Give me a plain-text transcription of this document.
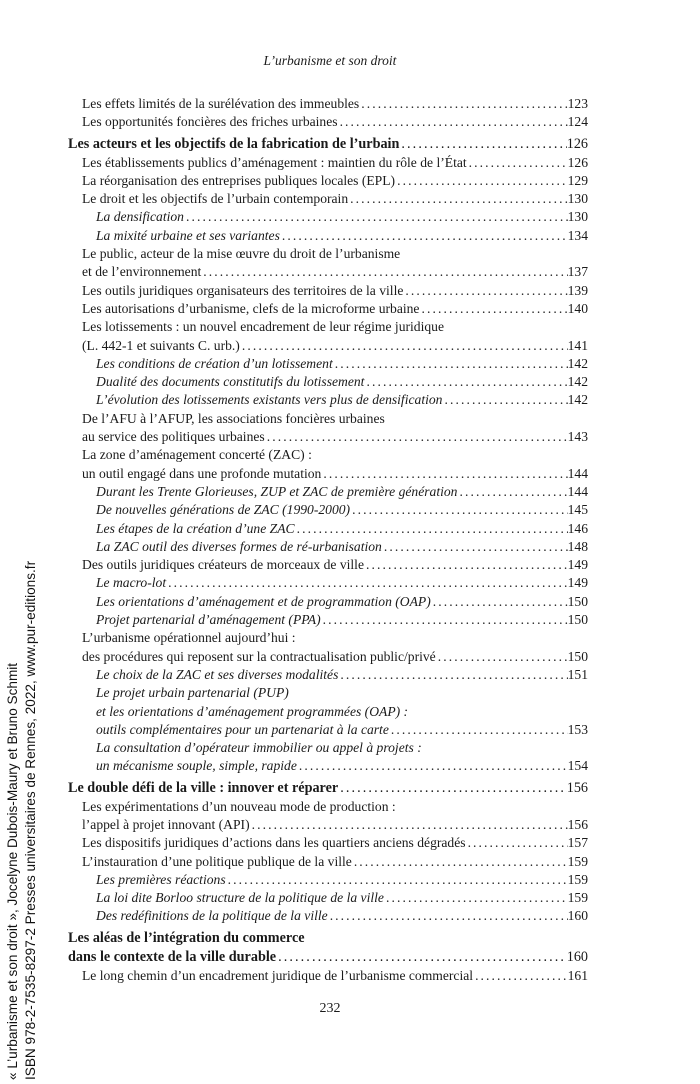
L’urbanisme et son droit
Les effets limités de la surélévation des immeubles .....	123
Les opportunités foncières des friches urbaines .....	124
Les acteurs et les objectifs de la fabrication de l’urbain .....	126
Les établissements publics d’aménagement : maintien du rôle de l’État .....	126
La réorganisation des entreprises publiques locales (EPL) .....	129
Le droit et les objectifs de l’urbain contemporain .....	130
La densification .....	130
La mixité urbaine et ses variantes .....	134
Le public, acteur de la mise œuvre du droit de l’urbanisme
et de l’environnement .....	137
Les outils juridiques organisateurs des territoires de la ville .....	139
Les autorisations d’urbanisme, clefs de la microforme urbaine .....	140
Les lotissements : un nouvel encadrement de leur régime juridique
(L. 442-1 et suivants C. urb.) .....	141
Les conditions de création d’un lotissement .....	142
Dualité des documents constitutifs du lotissement .....	142
L’évolution des lotissements existants vers plus de densification .....	142
De l’AFU à l’AFUP, les associations foncières urbaines
au service des politiques urbaines .....	143
La zone d’aménagement concerté (ZAC) :
un outil engagé dans une profonde mutation .....	144
Durant les Trente Glorieuses, ZUP et ZAC de première génération .....	144
De nouvelles générations de ZAC (1990-2000) .....	145
Les étapes de la création d’une ZAC .....	146
La ZAC outil des diverses formes de ré-urbanisation .....	148
Des outils juridiques créateurs de morceaux de ville .....	149
Le macro-lot .....	149
Les orientations d’aménagement et de programmation (OAP) .....	150
Projet partenarial d’aménagement (PPA) .....	150
L’urbanisme opérationnel aujourd’hui :
des procédures qui reposent sur la contractualisation public/privé .....	150
Le choix de la ZAC et ses diverses modalités .....	151
Le projet urbain partenarial (PUP)
et les orientations d’aménagement programmées (OAP) :
outils complémentaires pour un partenariat à la carte .....	153
La consultation d’opérateur immobilier ou appel à projets :
un mécanisme souple, simple, rapide .....	154
Le double défi de la ville : innover et réparer .....	156
Les expérimentations d’un nouveau mode de production :
l’appel à projet innovant (API) .....	156
Les dispositifs juridiques d’actions dans les quartiers anciens dégradés .....	157
L’instauration d’une politique publique de la ville .....	159
Les premières réactions .....	159
La loi dite Borloo structure de la politique de la ville .....	159
Des redéfinitions de la politique de la ville .....	160
Les aléas de l’intégration du commerce
dans le contexte de la ville durable .....	160
Le long chemin d’un encadrement juridique de l’urbanisme commercial .....	161
232
« L’urbanisme et son droit », Jocelyne Dubois-Maury et Bruno Schmit ISBN 978-2-7535-8297-2 Presses universitaires de Rennes, 2022, www.pur-editions.fr
